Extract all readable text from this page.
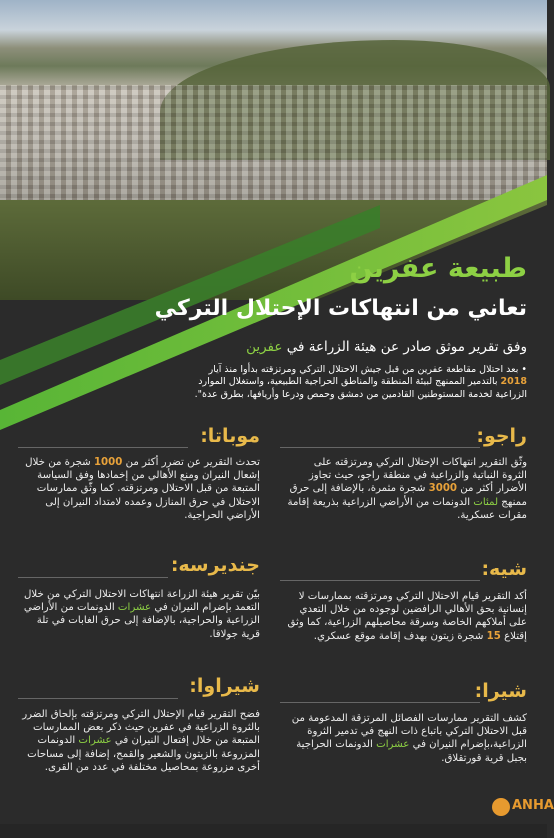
طبيعة عفرين
تعاني من انتهاكات الإحتلال التركي
وفق تقرير موثق صادر عن هيئة الزراعة في عفرين
• بعد احتلال مقاطعة عفرين من قبل جيش الاحتلال التركي ومرتزقته بدأوا منذ آيار 2018 بالتدمير الممنهج لبيئة المنطقة والمناطق الحراجية الطبيعية، واستغلال الموارد الزراعية لخدمة المستوطنين القادمين من دمشق وحمص ودرعا وأريافها، بطرق عدة".
راجو:
وثّق التقرير انتهاكات الإحتلال التركي ومرتزقته على الثروة النباتية والزراعية في منطقة راجو، حيث تجاوز الأضرار أكثر من 3000 شجرة مثمرة، بالإضافة إلى حرق ممنهج لمئات الدونمات من الأراضي الزراعية بذريعة إقامة مقرات عسكرية.
موباتا:
تحدث التقرير عن تضرر أكثر من 1000 شجرة من خلال إشعال النيران ومنع الأهالي من إخمادها وفق السياسة المتبعة من قبل الاحتلال ومرتزقته. كما وثّق ممارسات الاحتلال في حرق المنازل وعمده لامتداد النيران إلى الأراضي الحراجية.
شيه:
أكد التقرير قيام الاحتلال التركي ومرتزقته بممارسات لا إنسانية بحق الأهالي الرافضين لوجوده من خلال التعدي على أملاكهم الخاصة وسرقة محاصيلهم الزراعية، كما وثق إقتلاع 15 شجرة زيتون بهدف إقامة موقع عسكري.
جنديرسه:
بيّن تقرير هيئة الزراعة انتهاكات الاحتلال التركي من خلال التعمد بإضرام النيران في عشرات الدونمات من الأراضي الزراعية والحراجية، بالإضافة إلى حرق الغابات في تلة قرية جولاقا.
شيرا:
كشف التقرير ممارسات الفصائل المرتزقة المدعومة من قبل الاحتلال التركي باتباع ذات النهج في تدمير الثروة الزراعية،بإضرام النيران في عشرات الدونمات الحراجية بجبل قرية قورتقلاق.
شيراوا:
فضح التقرير قيام الإحتلال التركي ومرتزقته بإلحاق الضرر بالثروة الزراعية في عفرين حيث ذكر بعض الممارسات المتبعة من خلال إفتعال النيران في عشرات الدونمات المزروعة بالزيتون والشعير والقمح، إضافة إلى مساحات أخرى مزروعة بمحاصيل مختلفة في عدد من القرى.
ANHA
